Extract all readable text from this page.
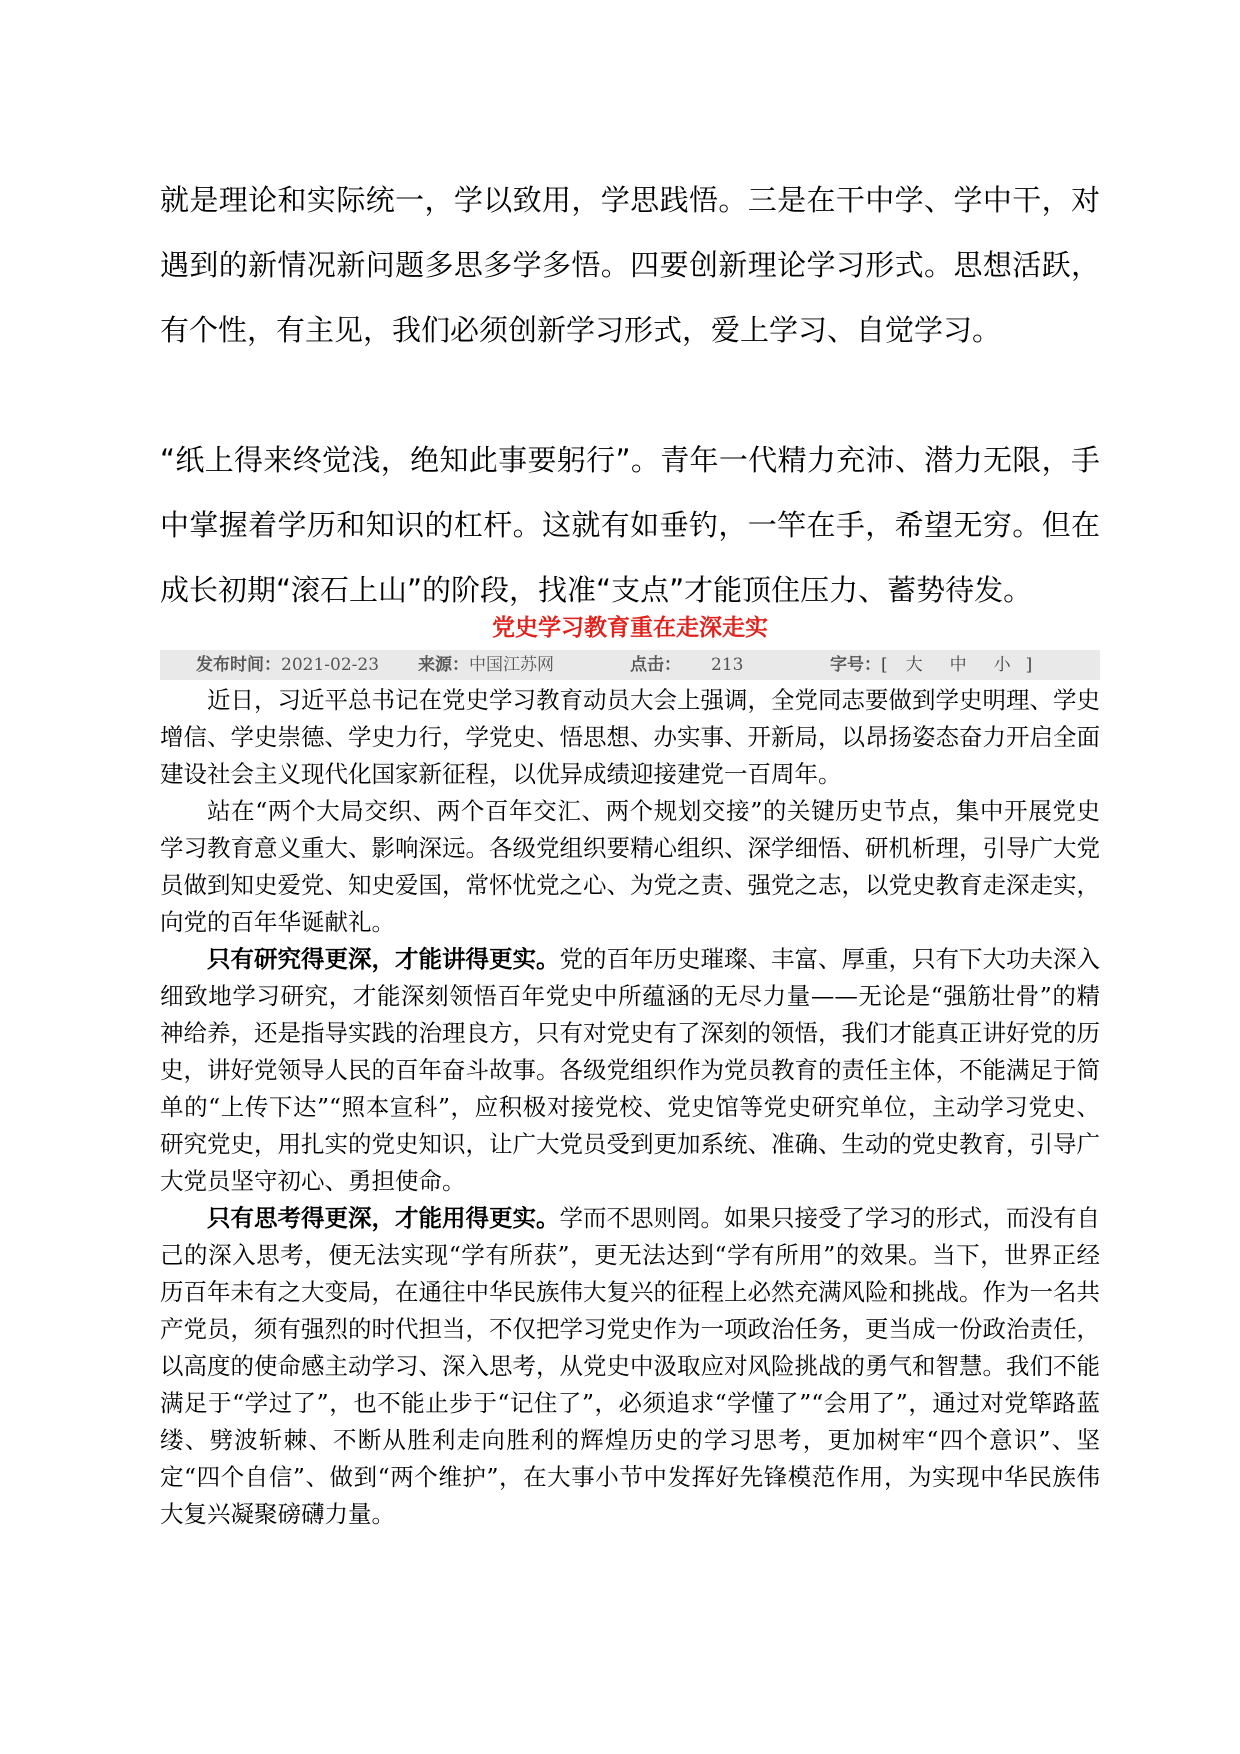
就是理论和实际统一，学以致用，学思践悟。三是在干中学、学中干，对遇到的新情况新问题多思多学多悟。四要创新理论学习形式。思想活跃，有个性，有主见，我们必须创新学习形式，爱上学习、自觉学习。

“纸上得来终觉浅，绝知此事要躬行”。青年一代精力充沛、潜力无限，手中掌握着学历和知识的杠杆。这就有如垂钓，一竿在手，希望无穷。但在成长初期“滚石上山”的阶段，找准“支点”才能顶住压力、蓄势待发。

党史学习教育重在走深走实
发布时间：2021-02-23 来源：中国江苏网	点击： 213	字号：[ 大 中 小 ]

近日，习近平总书记在党史学习教育动员大会上强调，全党同志要做到学史明理、学史增信、学史崇德、学史力行，学党史、悟思想、办实事、开新局，以昂扬姿态奋力开启全面建设社会主义现代化国家新征程，以优异成绩迎接建党一百周年。

站在“两个大局交织、两个百年交汇、两个规划交接”的关键历史节点，集中开展党史学习教育意义重大、影响深远。各级党组织要精心组织、深学细悟、研机析理，引导广大党员做到知史爱党、知史爱国，常怀忧党之心、为党之责、强党之志，以党史教育走深走实，向党的百年华诞献礼。

只有研究得更深，才能讲得更实。党的百年历史璀璨、丰富、厚重，只有下大功夫深入细致地学习研究，才能深刻领悟百年党史中所蕴涵的无尽力量——无论是“强筋壮骨”的精神给养，还是指导实践的治理良方，只有对党史有了深刻的领悟，我们才能真正讲好党的历史，讲好党领导人民的百年奋斗故事。各级党组织作为党员教育的责任主体，不能满足于简单的“上传下达”“照本宣科”，应积极对接党校、党史馆等党史研究单位，主动学习党史、研究党史，用扎实的党史知识，让广大党员受到更加系统、准确、生动的党史教育，引导广大党员坚守初心、勇担使命。

只有思考得更深，才能用得更实。学而不思则罔。如果只接受了学习的形式，而没有自己的深入思考，便无法实现“学有所获”，更无法达到“学有所用”的效果。当下，世界正经历百年未有之大变局，在通往中华民族伟大复兴的征程上必然充满风险和挑战。作为一名共产党员，须有强烈的时代担当，不仅把学习党史作为一项政治任务，更当成一份政治责任，以高度的使命感主动学习、深入思考，从党史中汲取应对风险挑战的勇气和智慧。我们不能满足于“学过了”，也不能止步于“记住了”，必须追求“学懂了”“会用了”，通过对党筚路蓝缕、劈波斩棘、不断从胜利走向胜利的辉煌历史的学习思考，更加树牢“四个意识”、坚定“四个自信”、做到“两个维护”，在大事小节中发挥好先锋模范作用，为实现中华民族伟大复兴凝聚磅礴力量。
